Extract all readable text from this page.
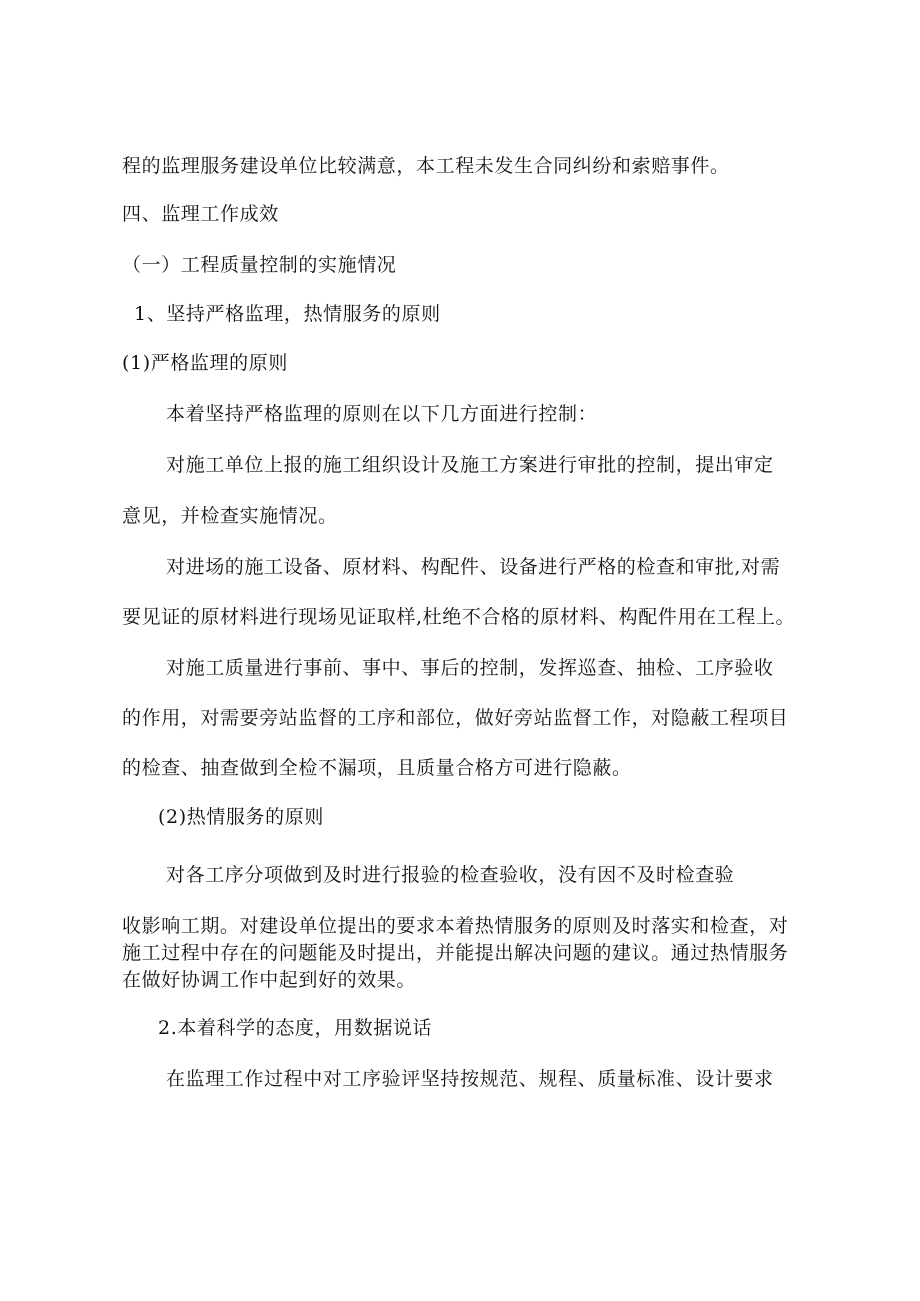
程的监理服务建设单位比较满意，本工程未发生合同纠纷和索赔事件。
四、监理工作成效
（一）工程质量控制的实施情况
1、坚持严格监理，热情服务的原则
(1)严格监理的原则
本着坚持严格监理的原则在以下几方面进行控制：
对施工单位上报的施工组织设计及施工方案进行审批的控制，提出审定
意见，并检查实施情况。
对进场的施工设备、原材料、构配件、设备进行严格的检查和审批,对需
要见证的原材料进行现场见证取样,杜绝不合格的原材料、构配件用在工程上。
对施工质量进行事前、事中、事后的控制，发挥巡查、抽检、工序验收
的作用，对需要旁站监督的工序和部位，做好旁站监督工作，对隐蔽工程项目
的检查、抽查做到全检不漏项，且质量合格方可进行隐蔽。
(2)热情服务的原则
对各工序分项做到及时进行报验的检查验收，没有因不及时检查验
收影响工期。对建设单位提出的要求本着热情服务的原则及时落实和检查，对
施工过程中存在的问题能及时提出，并能提出解决问题的建议。通过热情服务
在做好协调工作中起到好的效果。
2.本着科学的态度，用数据说话
在监理工作过程中对工序验评坚持按规范、规程、质量标准、设计要求
